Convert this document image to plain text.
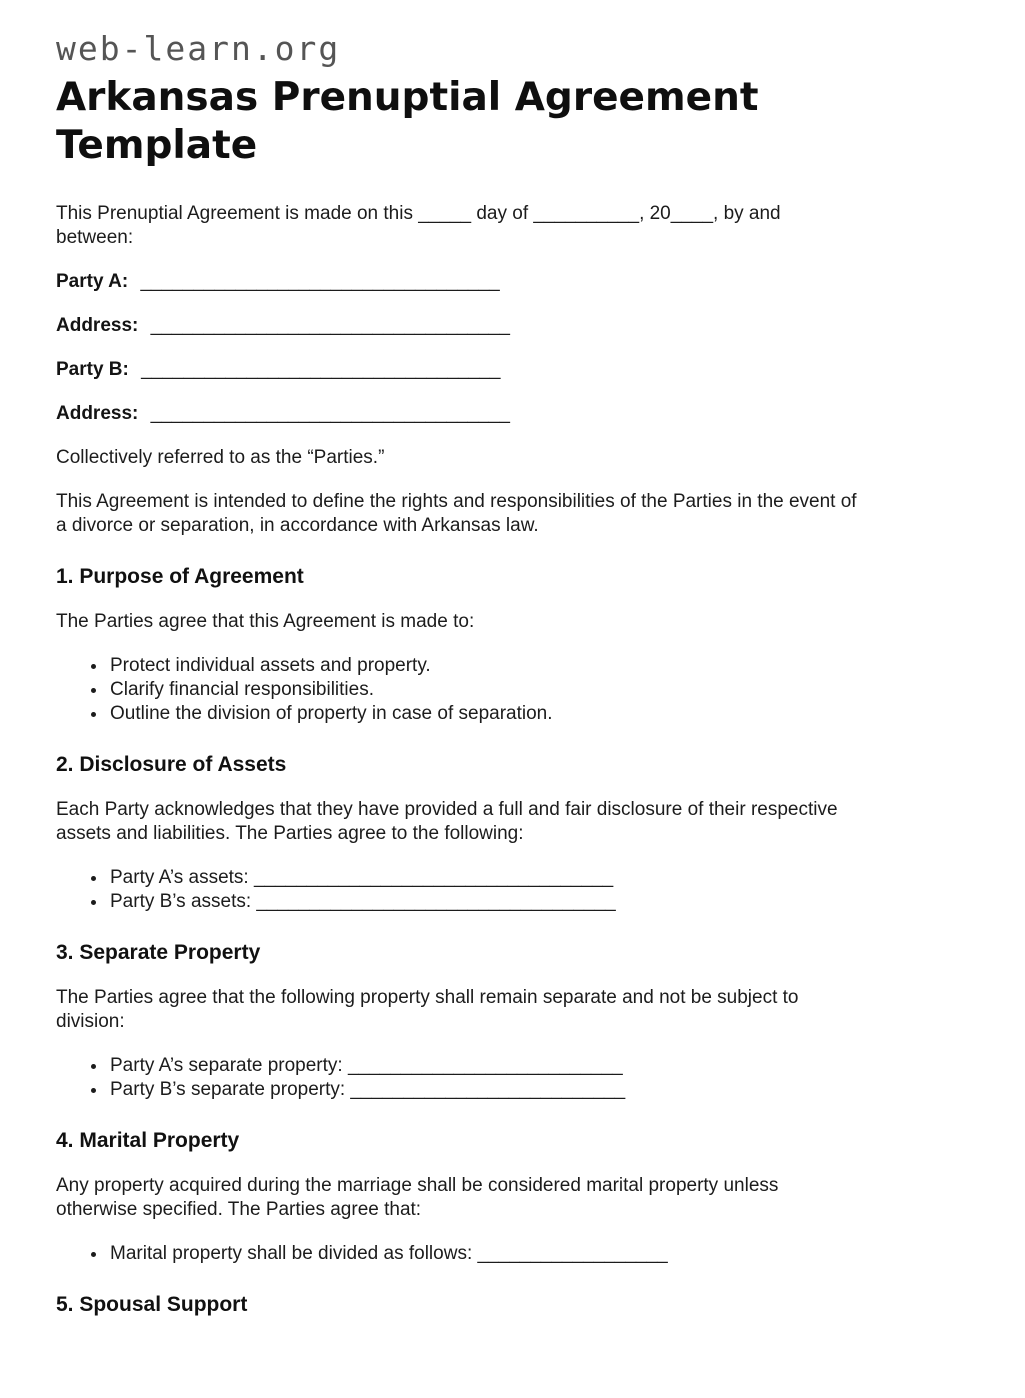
web-learn.org
Arkansas Prenuptial Agreement Template

This Prenuptial Agreement is made on this _____ day of __________, 20____, by and between:

Party A: __________________________________
Address: __________________________________
Party B: __________________________________
Address: __________________________________

Collectively referred to as the “Parties.”

This Agreement is intended to define the rights and responsibilities of the Parties in the event of a divorce or separation, in accordance with Arkansas law.

1. Purpose of Agreement

The Parties agree that this Agreement is made to:

• Protect individual assets and property.
• Clarify financial responsibilities.
• Outline the division of property in case of separation.
2. Disclosure of Assets

Each Party acknowledges that they have provided a full and fair disclosure of their respective assets and liabilities. The Parties agree to the following:

• Party A’s assets: __________________________________
• Party B’s assets: __________________________________
3. Separate Property

The Parties agree that the following property shall remain separate and not be subject to division:

• Party A’s separate property: __________________________
• Party B’s separate property: __________________________
4. Marital Property

Any property acquired during the marriage shall be considered marital property unless otherwise specified. The Parties agree that:

• Marital property shall be divided as follows: __________________
5. Spousal Support
